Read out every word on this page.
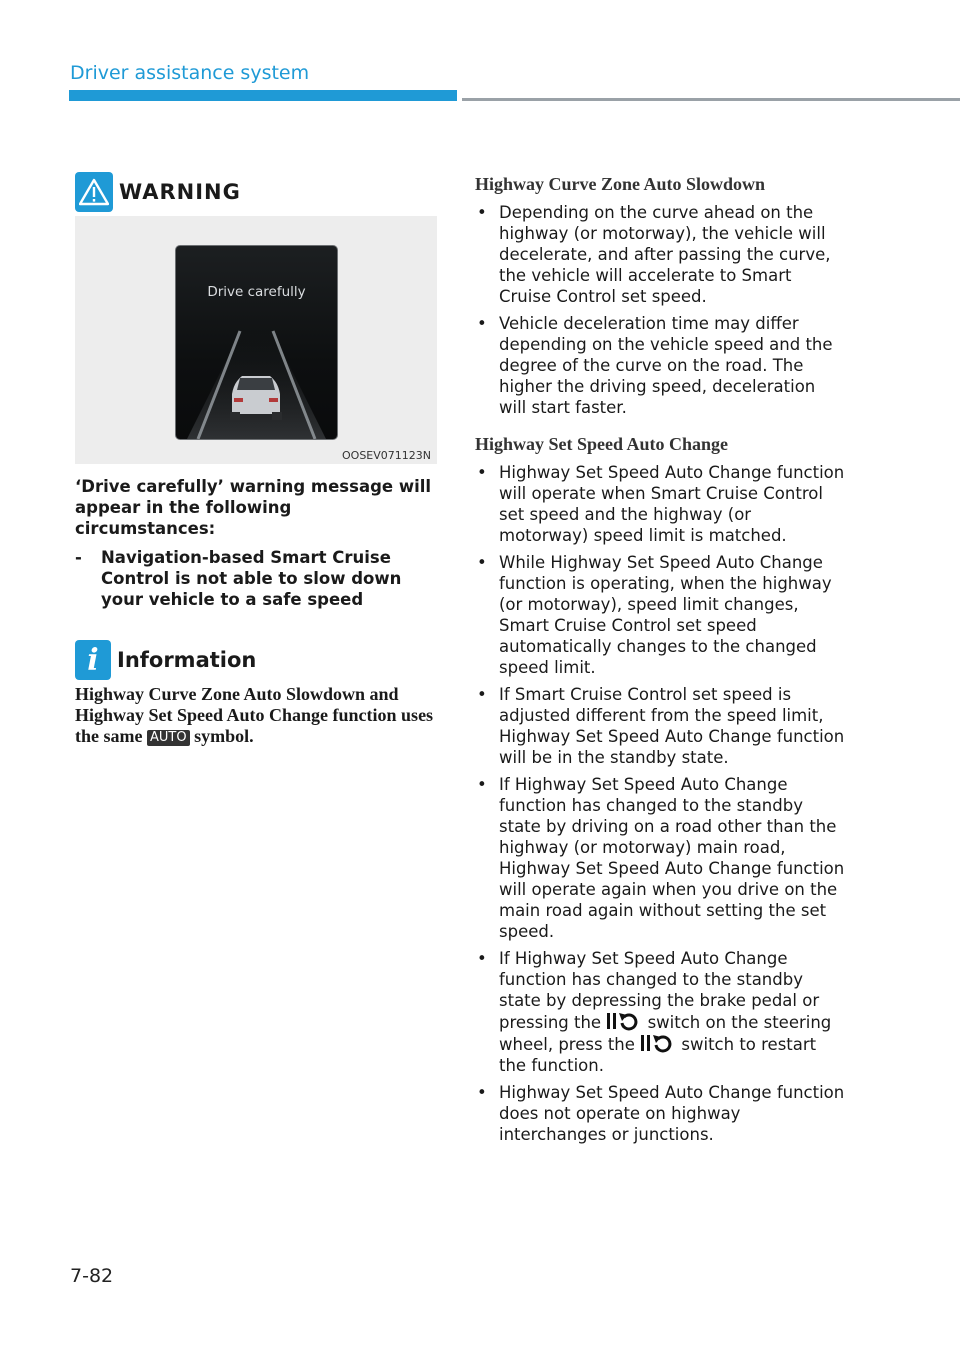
Driver assistance system
WARNING
Drive carefully
OOSEV071123N
‘Drive carefully’ warning message will appear in the following circumstances:
-	Navigation-based Smart Cruise Control is not able to slow down your vehicle to a safe speed
i Information
Highway Curve Zone Auto Slowdown and Highway Set Speed Auto Change function uses the same AUTO symbol.
Highway Curve Zone Auto Slowdown
• Depending on the curve ahead on the highway (or motorway), the vehicle will decelerate, and after passing the curve, the vehicle will accelerate to Smart Cruise Control set speed.
• Vehicle deceleration time may differ depending on the vehicle speed and the degree of the curve on the road. The higher the driving speed, deceleration will start faster.
Highway Set Speed Auto Change
• Highway Set Speed Auto Change function will operate when Smart Cruise Control set speed and the highway (or motorway) speed limit is matched.
• While Highway Set Speed Auto Change function is operating, when the highway (or motorway), speed limit changes, Smart Cruise Control set speed automatically changes to the changed speed limit.
• If Smart Cruise Control set speed is adjusted different from the speed limit, Highway Set Speed Auto Change function will be in the standby state.
• If Highway Set Speed Auto Change function has changed to the standby state by driving on a road other than the highway (or motorway) main road, Highway Set Speed Auto Change function will operate again when you drive on the main road again without setting the set speed.
• If Highway Set Speed Auto Change function has changed to the standby state by depressing the brake pedal or pressing the	switch on the steering wheel, press the	switch to restart the function.
• Highway Set Speed Auto Change function does not operate on highway interchanges or junctions.
7-82
